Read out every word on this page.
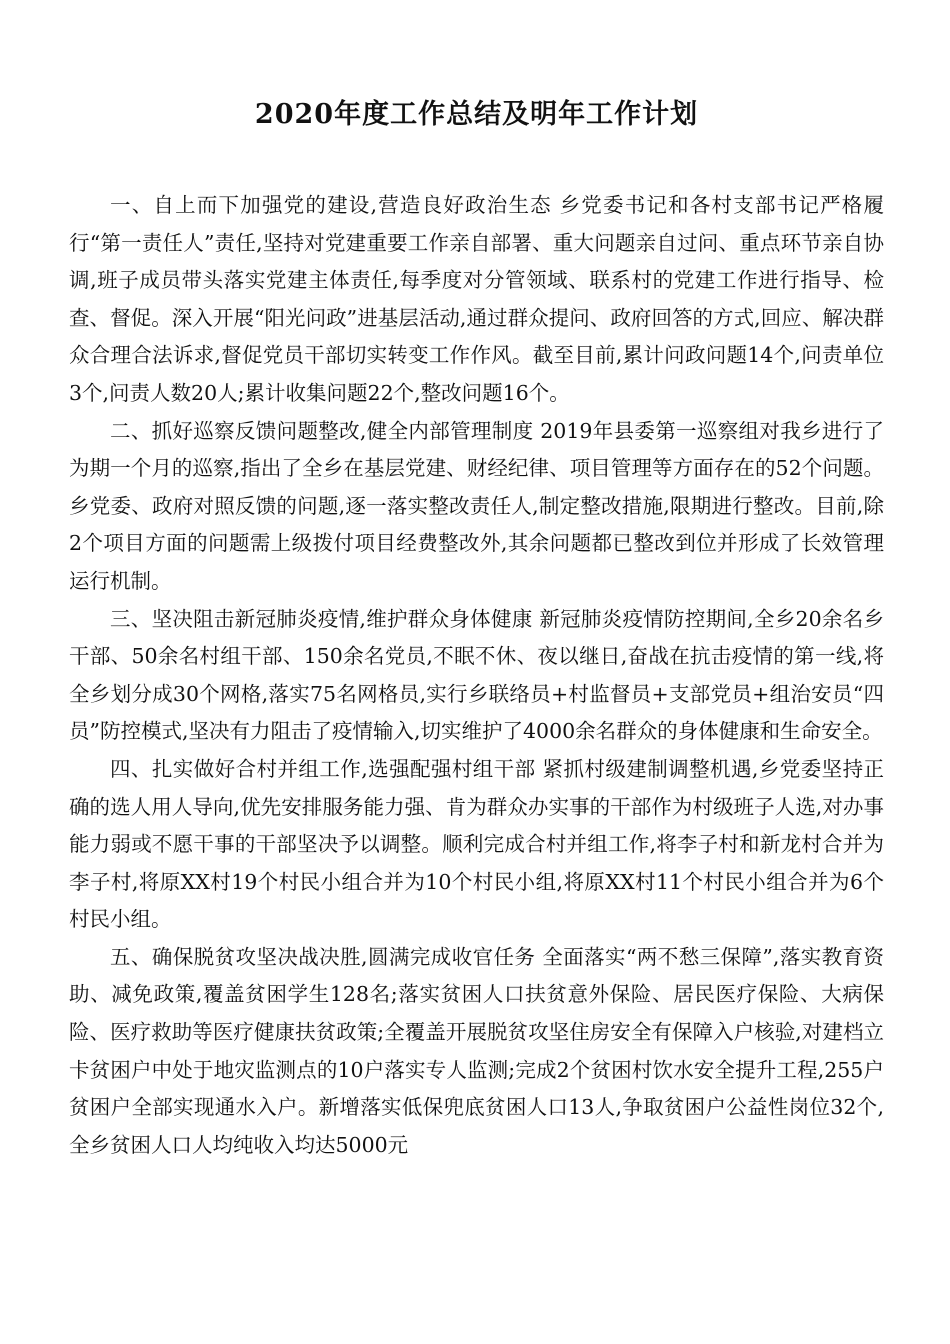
2020年度工作总结及明年工作计划

一、自上而下加强党的建设,营造良好政治生态 乡党委书记和各村支部书记严格履行“第一责任人”责任,坚持对党建重要工作亲自部署、重大问题亲自过问、重点环节亲自协调,班子成员带头落实党建主体责任,每季度对分管领域、联系村的党建工作进行指导、检查、督促。深入开展“阳光问政”进基层活动,通过群众提问、政府回答的方式,回应、解决群众合理合法诉求,督促党员干部切实转变工作作风。截至目前,累计问政问题14个,问责单位3个,问责人数20人;累计收集问题22个,整改问题16个。

二、抓好巡察反馈问题整改,健全内部管理制度 2019年县委第一巡察组对我乡进行了为期一个月的巡察,指出了全乡在基层党建、财经纪律、项目管理等方面存在的52个问题。乡党委、政府对照反馈的问题,逐一落实整改责任人,制定整改措施,限期进行整改。目前,除2个项目方面的问题需上级拨付项目经费整改外,其余问题都已整改到位并形成了长效管理运行机制。

三、坚决阻击新冠肺炎疫情,维护群众身体健康 新冠肺炎疫情防控期间,全乡20余名乡干部、50余名村组干部、150余名党员,不眠不休、夜以继日,奋战在抗击疫情的第一线,将全乡划分成30个网格,落实75名网格员,实行乡联络员+村监督员+支部党员+组治安员“四员”防控模式,坚决有力阻击了疫情输入,切实维护了4000余名群众的身体健康和生命安全。

四、扎实做好合村并组工作,选强配强村组干部 紧抓村级建制调整机遇,乡党委坚持正确的选人用人导向,优先安排服务能力强、肯为群众办实事的干部作为村级班子人选,对办事能力弱或不愿干事的干部坚决予以调整。顺利完成合村并组工作,将李子村和新龙村合并为李子村,将原XX村19个村民小组合并为10个村民小组,将原XX村11个村民小组合并为6个村民小组。

五、确保脱贫攻坚决战决胜,圆满完成收官任务 全面落实“两不愁三保障”,落实教育资助、减免政策,覆盖贫困学生128名;落实贫困人口扶贫意外保险、居民医疗保险、大病保险、医疗救助等医疗健康扶贫政策;全覆盖开展脱贫攻坚住房安全有保障入户核验,对建档立卡贫困户中处于地灾监测点的10户落实专人监测;完成2个贫困村饮水安全提升工程,255户贫困户全部实现通水入户。新增落实低保兜底贫困人口13人,争取贫困户公益性岗位32个,全乡贫困人口人均纯收入均达5000元
